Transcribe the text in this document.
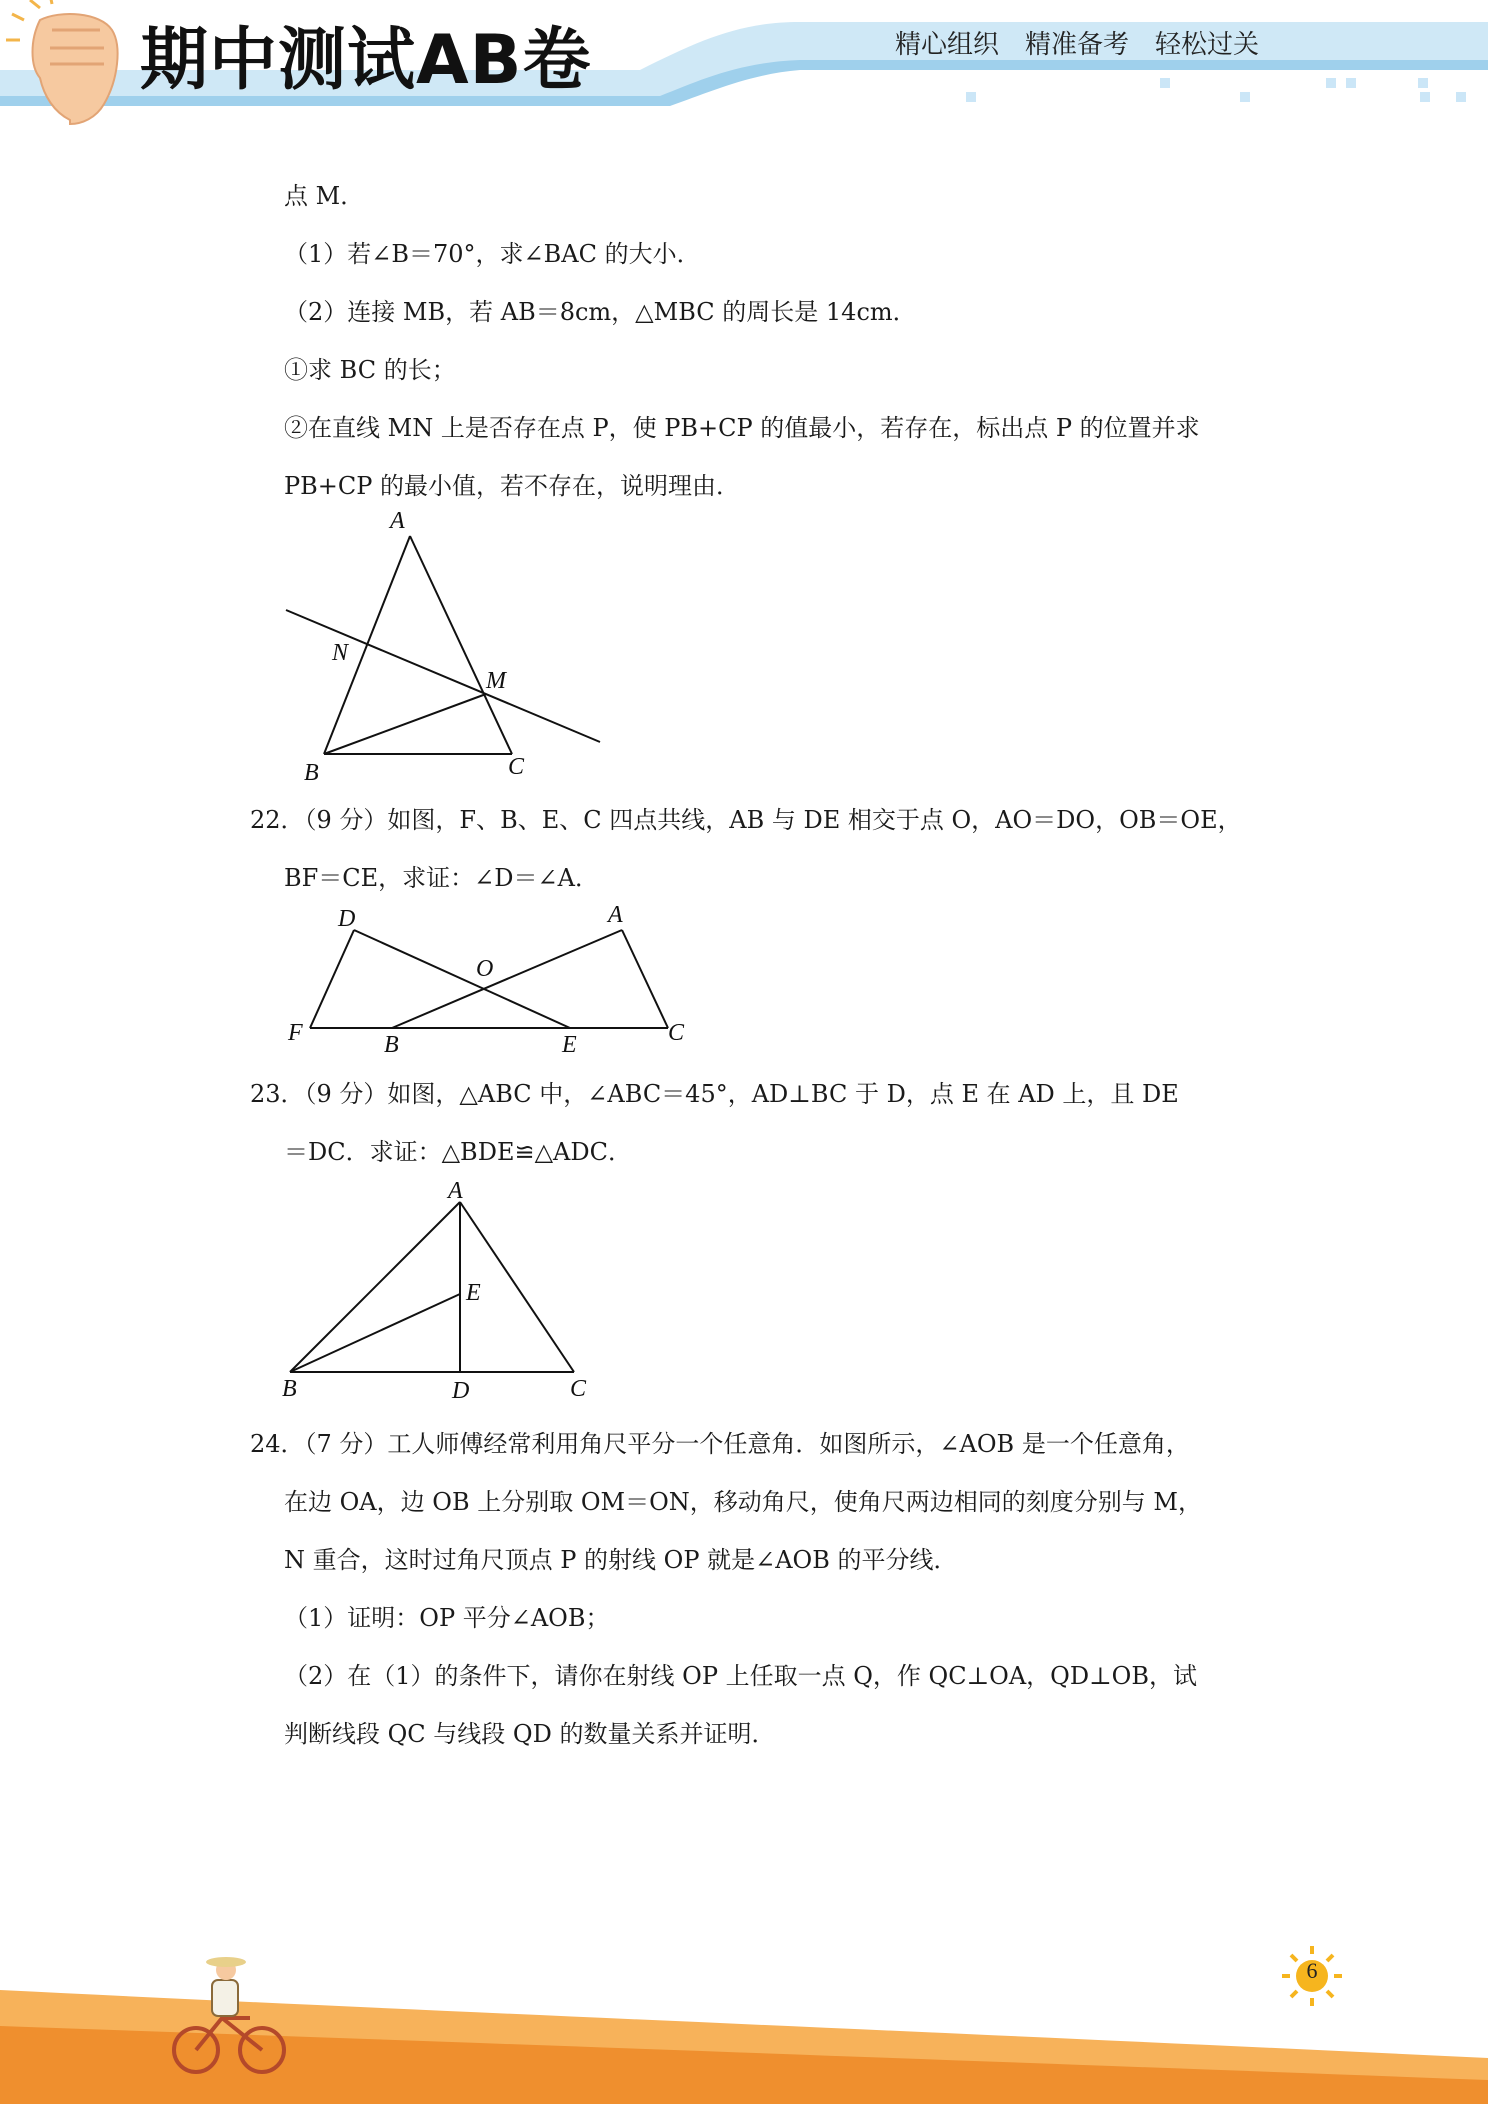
期中测试AB卷	精心组织　精准备考　轻松过关
点 M．
（1）若∠B＝70°，求∠BAC 的大小．
（2）连接 MB，若 AB＝8cm，△MBC 的周长是 14cm．
①求 BC 的长；
②在直线 MN 上是否存在点 P，使 PB+CP 的值最小，若存在，标出点 P 的位置并求
PB+CP 的最小值，若不存在，说明理由．
A
N
M
B	C
22．（9 分）如图，F、B、E、C 四点共线，AB 与 DE 相交于点 O，AO＝DO，OB＝OE，
BF＝CE，求证：∠D＝∠A．
D	A
O
F	B	E	C
23．（9 分）如图，△ABC 中，∠ABC＝45°，AD⊥BC 于 D，点 E 在 AD 上，且 DE
＝DC．求证：△BDE≌△ADC．
A
E
B	D	C
24．（7 分）工人师傅经常利用角尺平分一个任意角．如图所示，∠AOB 是一个任意角，
在边 OA，边 OB 上分别取 OM＝ON，移动角尺，使角尺两边相同的刻度分别与 M，
N 重合，这时过角尺顶点 P 的射线 OP 就是∠AOB 的平分线．
（1）证明：OP 平分∠AOB；
（2）在（1）的条件下，请你在射线 OP 上任取一点 Q，作 QC⊥OA，QD⊥OB，试
判断线段 QC 与线段 QD 的数量关系并证明．
6
